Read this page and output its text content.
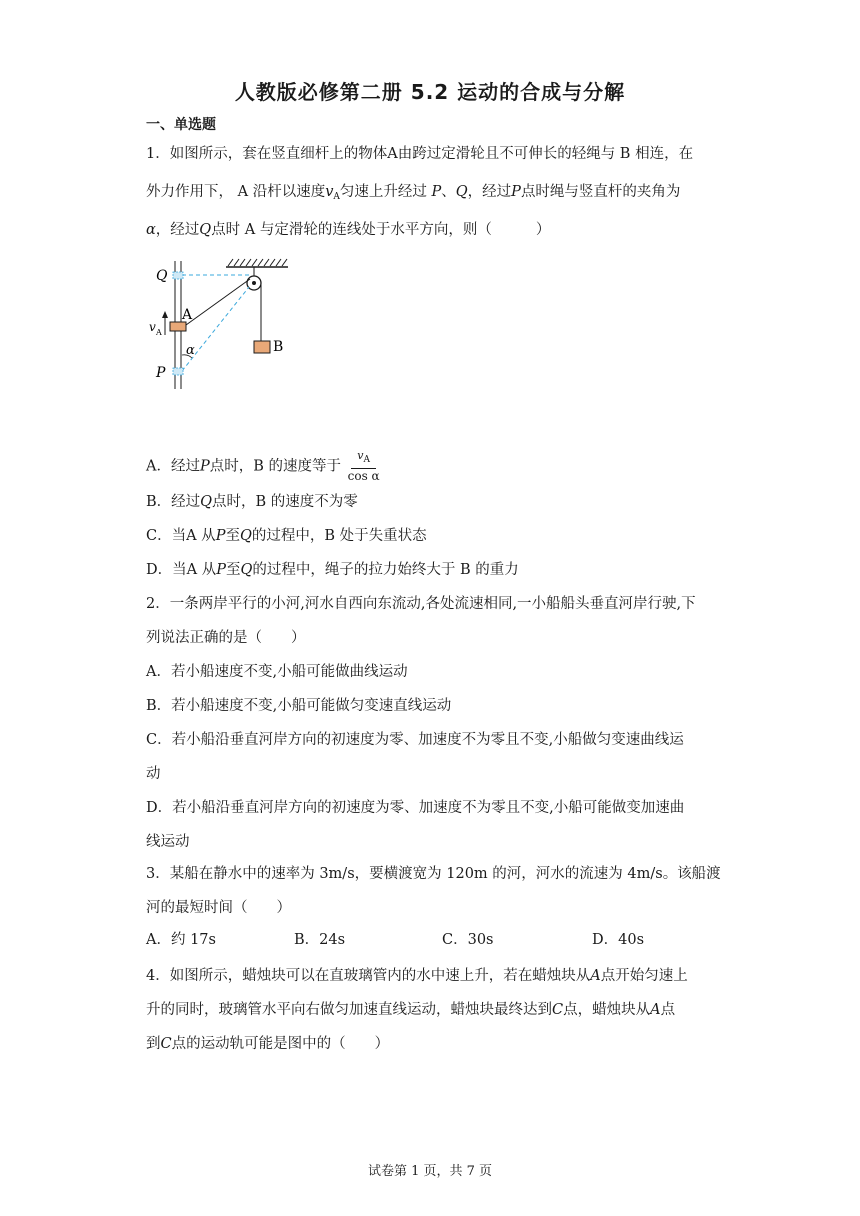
人教版必修第二册 5.2 运动的合成与分解
一、单选题
1．如图所示，套在竖直细杆上的物体A由跨过定滑轮且不可伸长的轻绳与 B 相连，在
外力作用下， A 沿杆以速度$v_A$匀速上升经过 P、Q，经过P点时绳与竖直杆的夹角为
α，经过Q点时 A 与定滑轮的连线处于水平方向，则（	）
Q
A
v A
α
P
B
A．经过P点时，B 的速度等于 $\frac{v_A}{\text{cos α}}$
B．经过Q点时，B 的速度不为零
C．当A 从P至Q的过程中，B 处于失重状态
D．当A 从P至Q的过程中，绳子的拉力始终大于 B 的重力
2．一条两岸平行的小河,河水自西向东流动,各处流速相同,一小船船头垂直河岸行驶,下
列说法正确的是（　　）
A．若小船速度不变,小船可能做曲线运动
B．若小船速度不变,小船可能做匀变速直线运动
C．若小船沿垂直河岸方向的初速度为零、加速度不为零且不变,小船做匀变速曲线运
动
D．若小船沿垂直河岸方向的初速度为零、加速度不为零且不变,小船可能做变加速曲
线运动
3．某船在静水中的速率为 3m/s，要横渡宽为 120m 的河，河水的流速为 4m/s。该船渡
河的最短时间（　　）
A．约 17s	B．24s	C．30s	D．40s
4．如图所示，蜡烛块可以在直玻璃管内的水中速上升，若在蜡烛块从A点开始匀速上
升的同时，玻璃管水平向右做匀加速直线运动，蜡烛块最终达到C点，蜡烛块从A点
到C点的运动轨可能是图中的（　　）
试卷第 1 页，共 7 页
